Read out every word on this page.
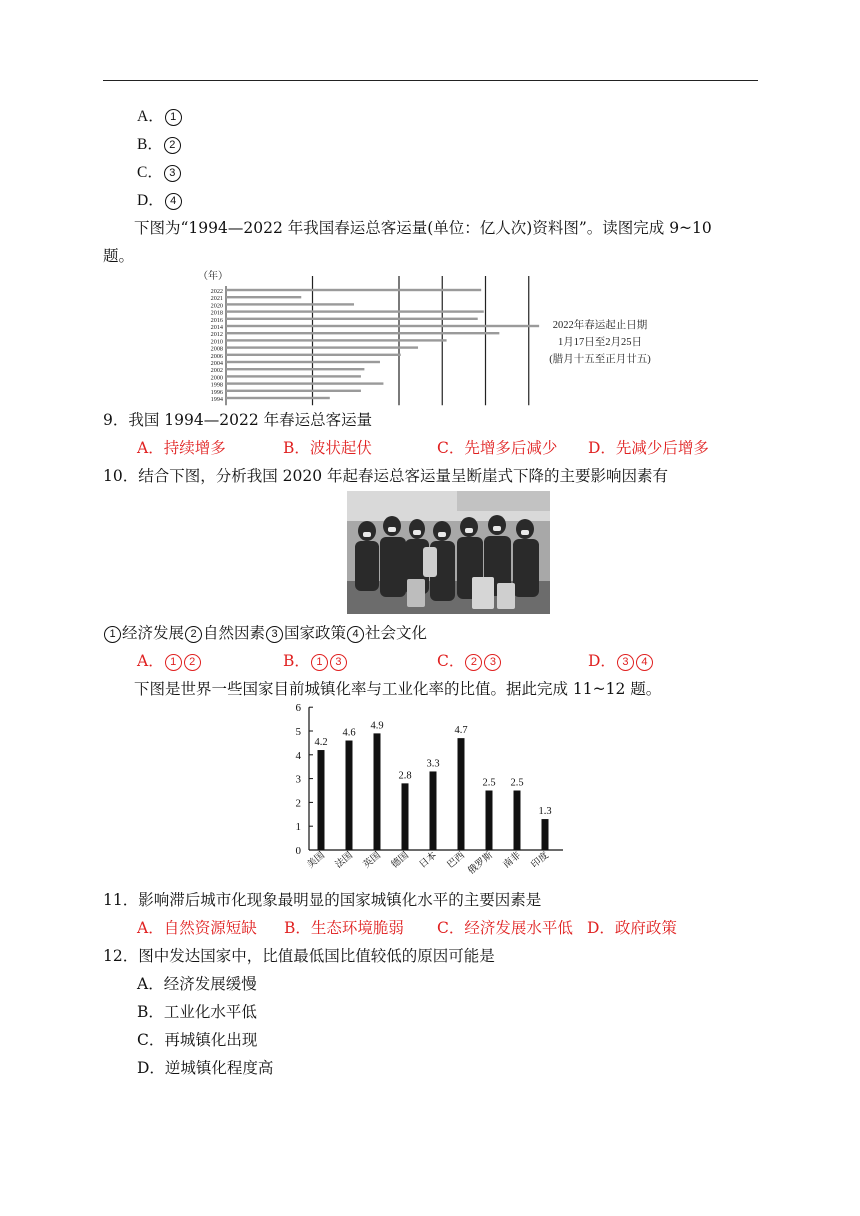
A． 1
B． 2
C． 3
D． 4
下图为“1994—2022 年我国春运总客运量(单位：亿人次)资料图”。读图完成 9~10
题。
（年）
2022
2021
2020
2018
2016
2014
2012
2010
2008
2006
2004
2002
2000
1998
1996
1994
2022年春运起止日期
1月17日至2月25日
(腊月十五至正月廿五)
9．我国 1994—2022 年春运总客运量
A．持续增多	B．波状起伏	C．先增多后减少 D．先减少后增多
10．结合下图，分析我国 2020 年起春运总客运量呈断崖式下降的主要影响因素有
1 经济发展 2 自然因素 3 国家政策 4 社会文化
A． 1 2	B． 1 3	C． 2 3	D． 3 4
下图是世界一些国家目前城镇化率与工业化率的比值。据此完成 11~12 题。
0
1
2
3
4
5
6
4.2
美国
4.6
法国
4.9
英国
2.8
德国
3.3
日本
4.7
巴西
2.5
俄罗斯
2.5
南非
1.3
印度
11．影响滞后城市化现象最明显的国家城镇化水平的主要因素是
A．自然资源短缺 B．生态环境脆弱 C．经济发展水平低 D．政府政策
12．图中发达国家中，比值最低国比值较低的原因可能是
A．经济发展缓慢
B．工业化水平低
C．再城镇化出现
D．逆城镇化程度高
